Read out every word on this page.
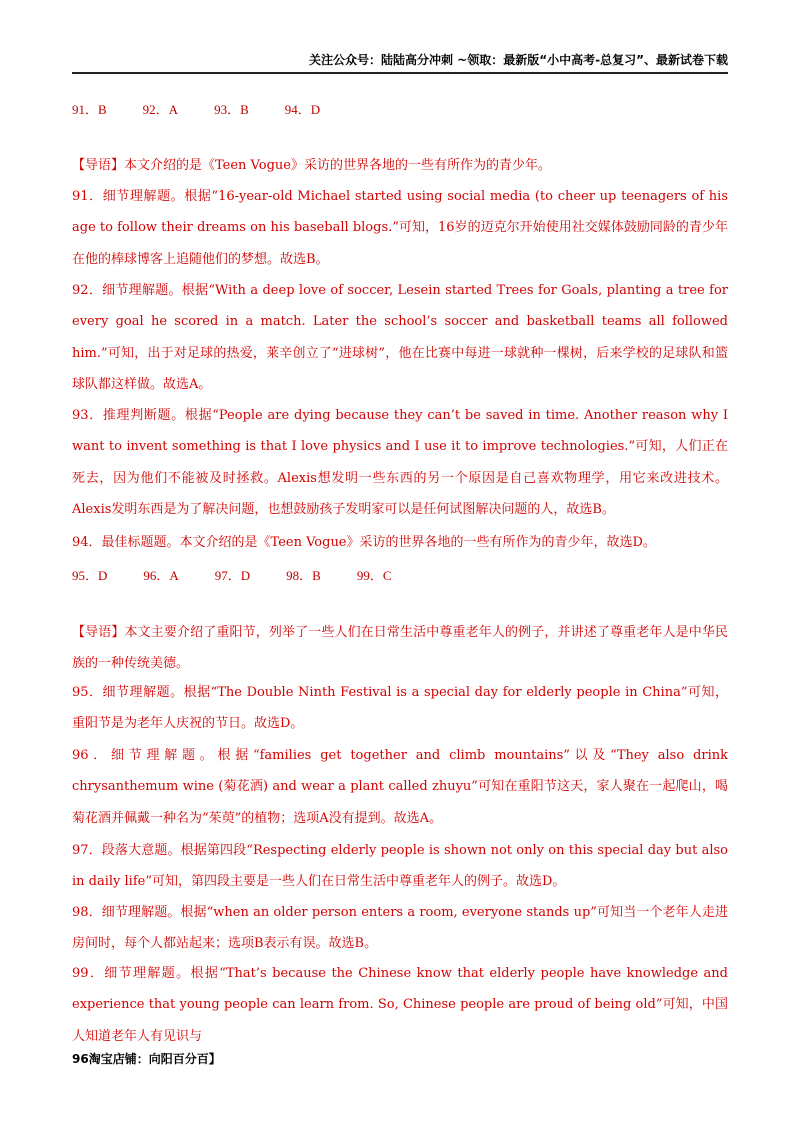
关注公众号：陆陆高分冲刺 ~领取：最新版“小中高考-总复习”、最新试卷下载
91．B	92．A	93．B	94．D

【导语】本文介绍的是《Teen Vogue》采访的世界各地的一些有所作为的青少年。

91．细节理解题。根据“16-year-old Michael started using social media (to cheer up teenagers of his age to follow their dreams on his baseball blogs.”可知，16岁的迈克尔开始使用社交媒体鼓励同龄的青少年在他的棒球博客上追随他们的梦想。故选B。

92．细节理解题。根据“With a deep love of soccer, Lesein started Trees for Goals, planting a tree for every goal he scored in a match. Later the school’s soccer and basketball teams all followed him.”可知，出于对足球的热爱，莱辛创立了“进球树”，他在比赛中每进一球就种一棵树，后来学校的足球队和篮球队都这样做。故选A。

93．推理判断题。根据“People are dying because they can’t be saved in time. Another reason why I want to invent something is that I love physics and I use it to improve technologies.”可知，人们正在死去，因为他们不能被及时拯救。Alexis想发明一些东西的另一个原因是自己喜欢物理学，用它来改进技术。Alexis发明东西是为了解决问题，也想鼓励孩子发明家可以是任何试图解决问题的人，故选B。

94．最佳标题题。本文介绍的是《Teen Vogue》采访的世界各地的一些有所作为的青少年，故选D。

95．D	96．A	97．D	98．B	99．C

【导语】本文主要介绍了重阳节，列举了一些人们在日常生活中尊重老年人的例子，并讲述了尊重老年人是中华民族的一种传统美德。

95．细节理解题。根据“The Double Ninth Festival is a special day for elderly people in China”可知，重阳节是为老年人庆祝的节日。故选D。

96．细节理解题。根据“families get together and climb mountains”以及“They also drink chrysanthemum wine (菊花酒) and wear a plant called zhuyu”可知在重阳节这天，家人聚在一起爬山，喝菊花酒并佩戴一种名为“茱萸”的植物；选项A没有提到。故选A。

97．段落大意题。根据第四段“Respecting elderly people is shown not only on this special day but also in daily life”可知，第四段主要是一些人们在日常生活中尊重老年人的例子。故选D。

98．细节理解题。根据“when an older person enters a room, everyone stands up”可知当一个老年人走进房间时，每个人都站起来；选项B表示有误。故选B。

99．细节理解题。根据“That’s because the Chinese know that elderly people have knowledge and experience that young people can learn from. So, Chinese people are proud of being old”可知，中国人知道老年人有见识与

96淘宝店铺：向阳百分百】
